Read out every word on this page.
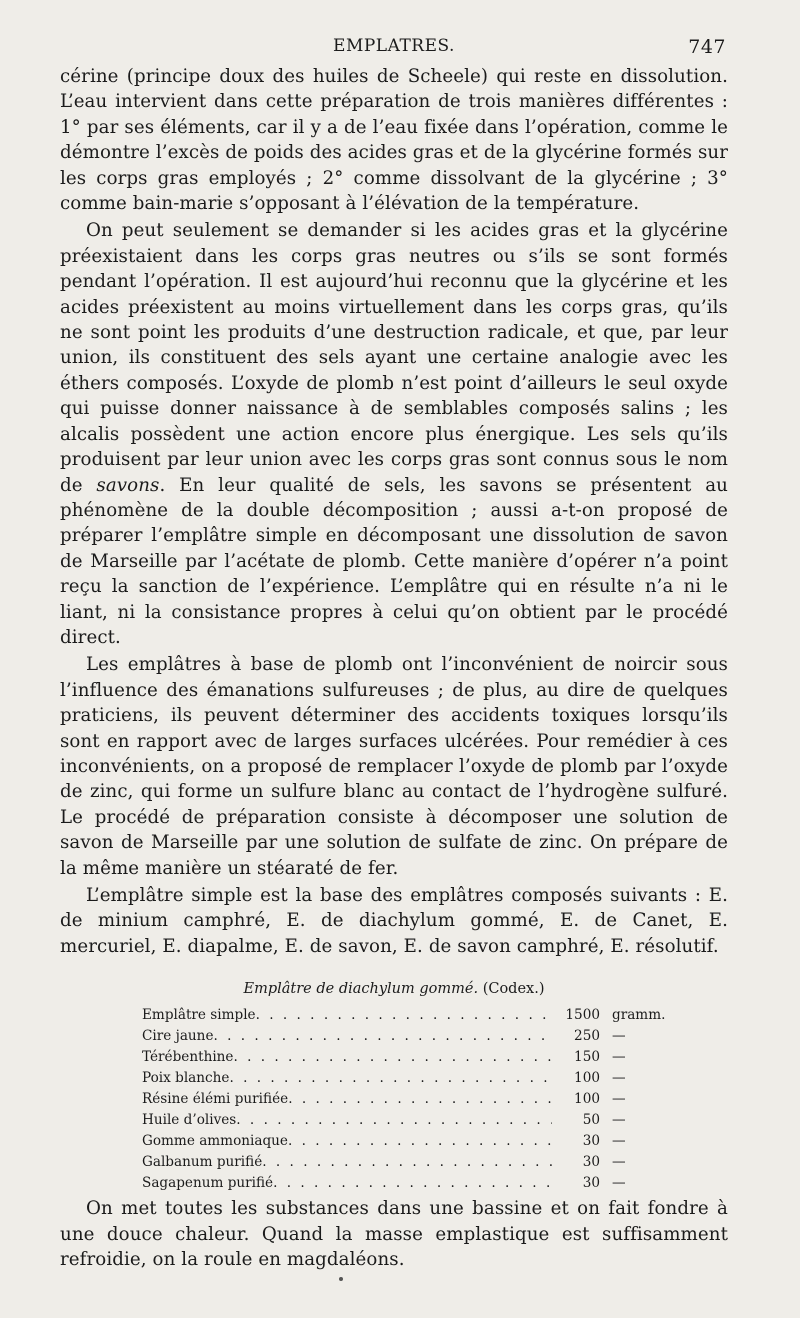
EMPLATRES.	747

cérine (principe doux des huiles de Scheele) qui reste en dissolution. L’eau intervient dans cette préparation de trois manières différentes : 1° par ses éléments, car il y a de l’eau fixée dans l’opération, comme le démontre l’excès de poids des acides gras et de la glycérine formés sur les corps gras employés ; 2° comme dissolvant de la glycérine ; 3° comme bain-marie s’opposant à l’élévation de la température.

On peut seulement se demander si les acides gras et la glycérine préexistaient dans les corps gras neutres ou s’ils se sont formés pendant l’opération. Il est aujourd’hui reconnu que la glycérine et les acides préexistent au moins virtuellement dans les corps gras, qu’ils ne sont point les produits d’une destruction radicale, et que, par leur union, ils constituent des sels ayant une certaine analogie avec les éthers composés. L’oxyde de plomb n’est point d’ailleurs le seul oxyde qui puisse donner naissance à de semblables composés salins ; les alcalis possèdent une action encore plus énergique. Les sels qu’ils produisent par leur union avec les corps gras sont connus sous le nom de savons. En leur qualité de sels, les savons se présentent au phénomène de la double décomposition ; aussi a-t-on proposé de préparer l’emplâtre simple en décomposant une dissolution de savon de Marseille par l’acétate de plomb. Cette manière d’opérer n’a point reçu la sanction de l’expérience. L’emplâtre qui en résulte n’a ni le liant, ni la consistance propres à celui qu’on obtient par le procédé direct.

Les emplâtres à base de plomb ont l’inconvénient de noircir sous l’influence des émanations sulfureuses ; de plus, au dire de quelques praticiens, ils peuvent déterminer des accidents toxiques lorsqu’ils sont en rapport avec de larges surfaces ulcérées. Pour remédier à ces inconvénients, on a proposé de remplacer l’oxyde de plomb par l’oxyde de zinc, qui forme un sulfure blanc au contact de l’hydrogène sulfuré. Le procédé de préparation consiste à décomposer une solution de savon de Marseille par une solution de sulfate de zinc. On prépare de la même manière un stéaraté de fer.

L’emplâtre simple est la base des emplâtres composés suivants : E. de minium camphré, E. de diachylum gommé, E. de Canet, E. mercuriel, E. diapalme, E. de savon, E. de savon camphré, E. résolutif.

Emplâtre de diachylum gommé. (Codex.)
Emplâtre simple . . .	1500 gramm.
Cire jaune . . .	250 —
Térébenthine . . .	150 —
Poix blanche . . .	100 —
Résine élémi purifiée . . .	100 —
Huile d’olives . . .	50 —
Gomme ammoniaque . . .	30 —
Galbanum purifié . . .	30 —
Sagapenum purifié . . .	30 —

On met toutes les substances dans une bassine et on fait fondre à une douce chaleur. Quand la masse emplastique est suffisamment refroidie, on la roule en magdaléons.
